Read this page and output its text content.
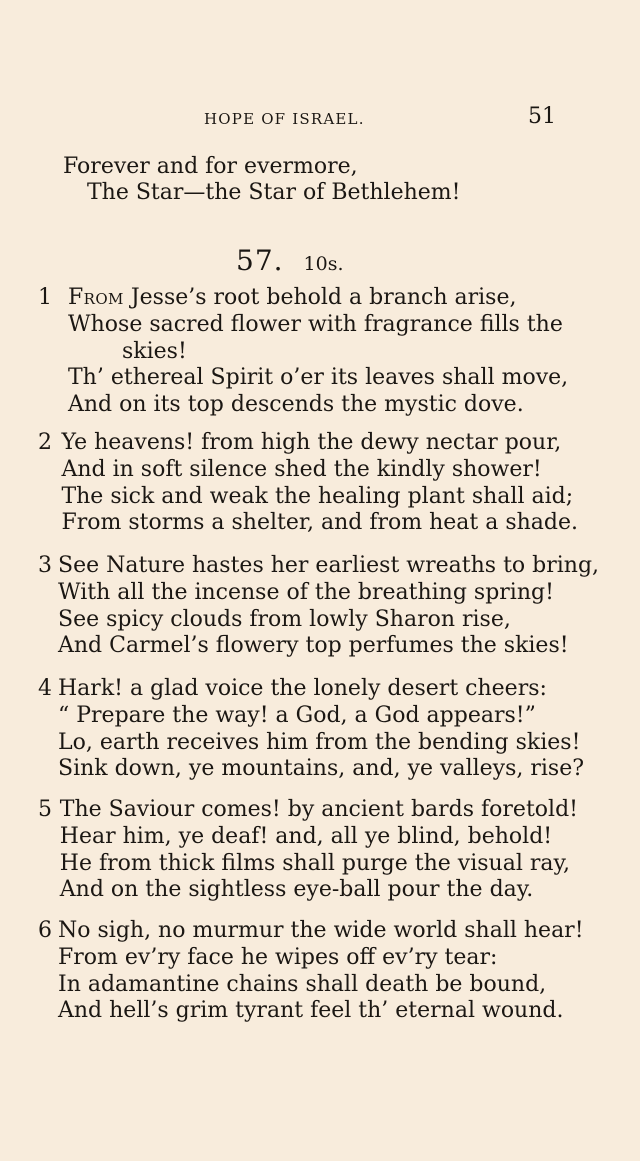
HOPE OF ISRAEL.	51
Forever and for evermore,
The Star—the Star of Bethlehem!
57. 10s.
1 From Jesse’s root behold a branch arise,
Whose sacred flower with fragrance fills the
skies!
Th’ ethereal Spirit o’er its leaves shall move,
And on its top descends the mystic dove.
2 Ye heavens! from high the dewy nectar pour,
And in soft silence shed the kindly shower!
The sick and weak the healing plant shall aid;
From storms a shelter, and from heat a shade.
3 See Nature hastes her earliest wreaths to bring,
With all the incense of the breathing spring!
See spicy clouds from lowly Sharon rise,
And Carmel’s flowery top perfumes the skies!
4 Hark! a glad voice the lonely desert cheers:
“ Prepare the way! a God, a God appears!”
Lo, earth receives him from the bending skies!
Sink down, ye mountains, and, ye valleys, rise?
5 The Saviour comes! by ancient bards foretold!
Hear him, ye deaf! and, all ye blind, behold!
He from thick films shall purge the visual ray,
And on the sightless eye-ball pour the day.
6 No sigh, no murmur the wide world shall hear!
From ev’ry face he wipes off ev’ry tear:
In adamantine chains shall death be bound,
And hell’s grim tyrant feel th’ eternal wound.
